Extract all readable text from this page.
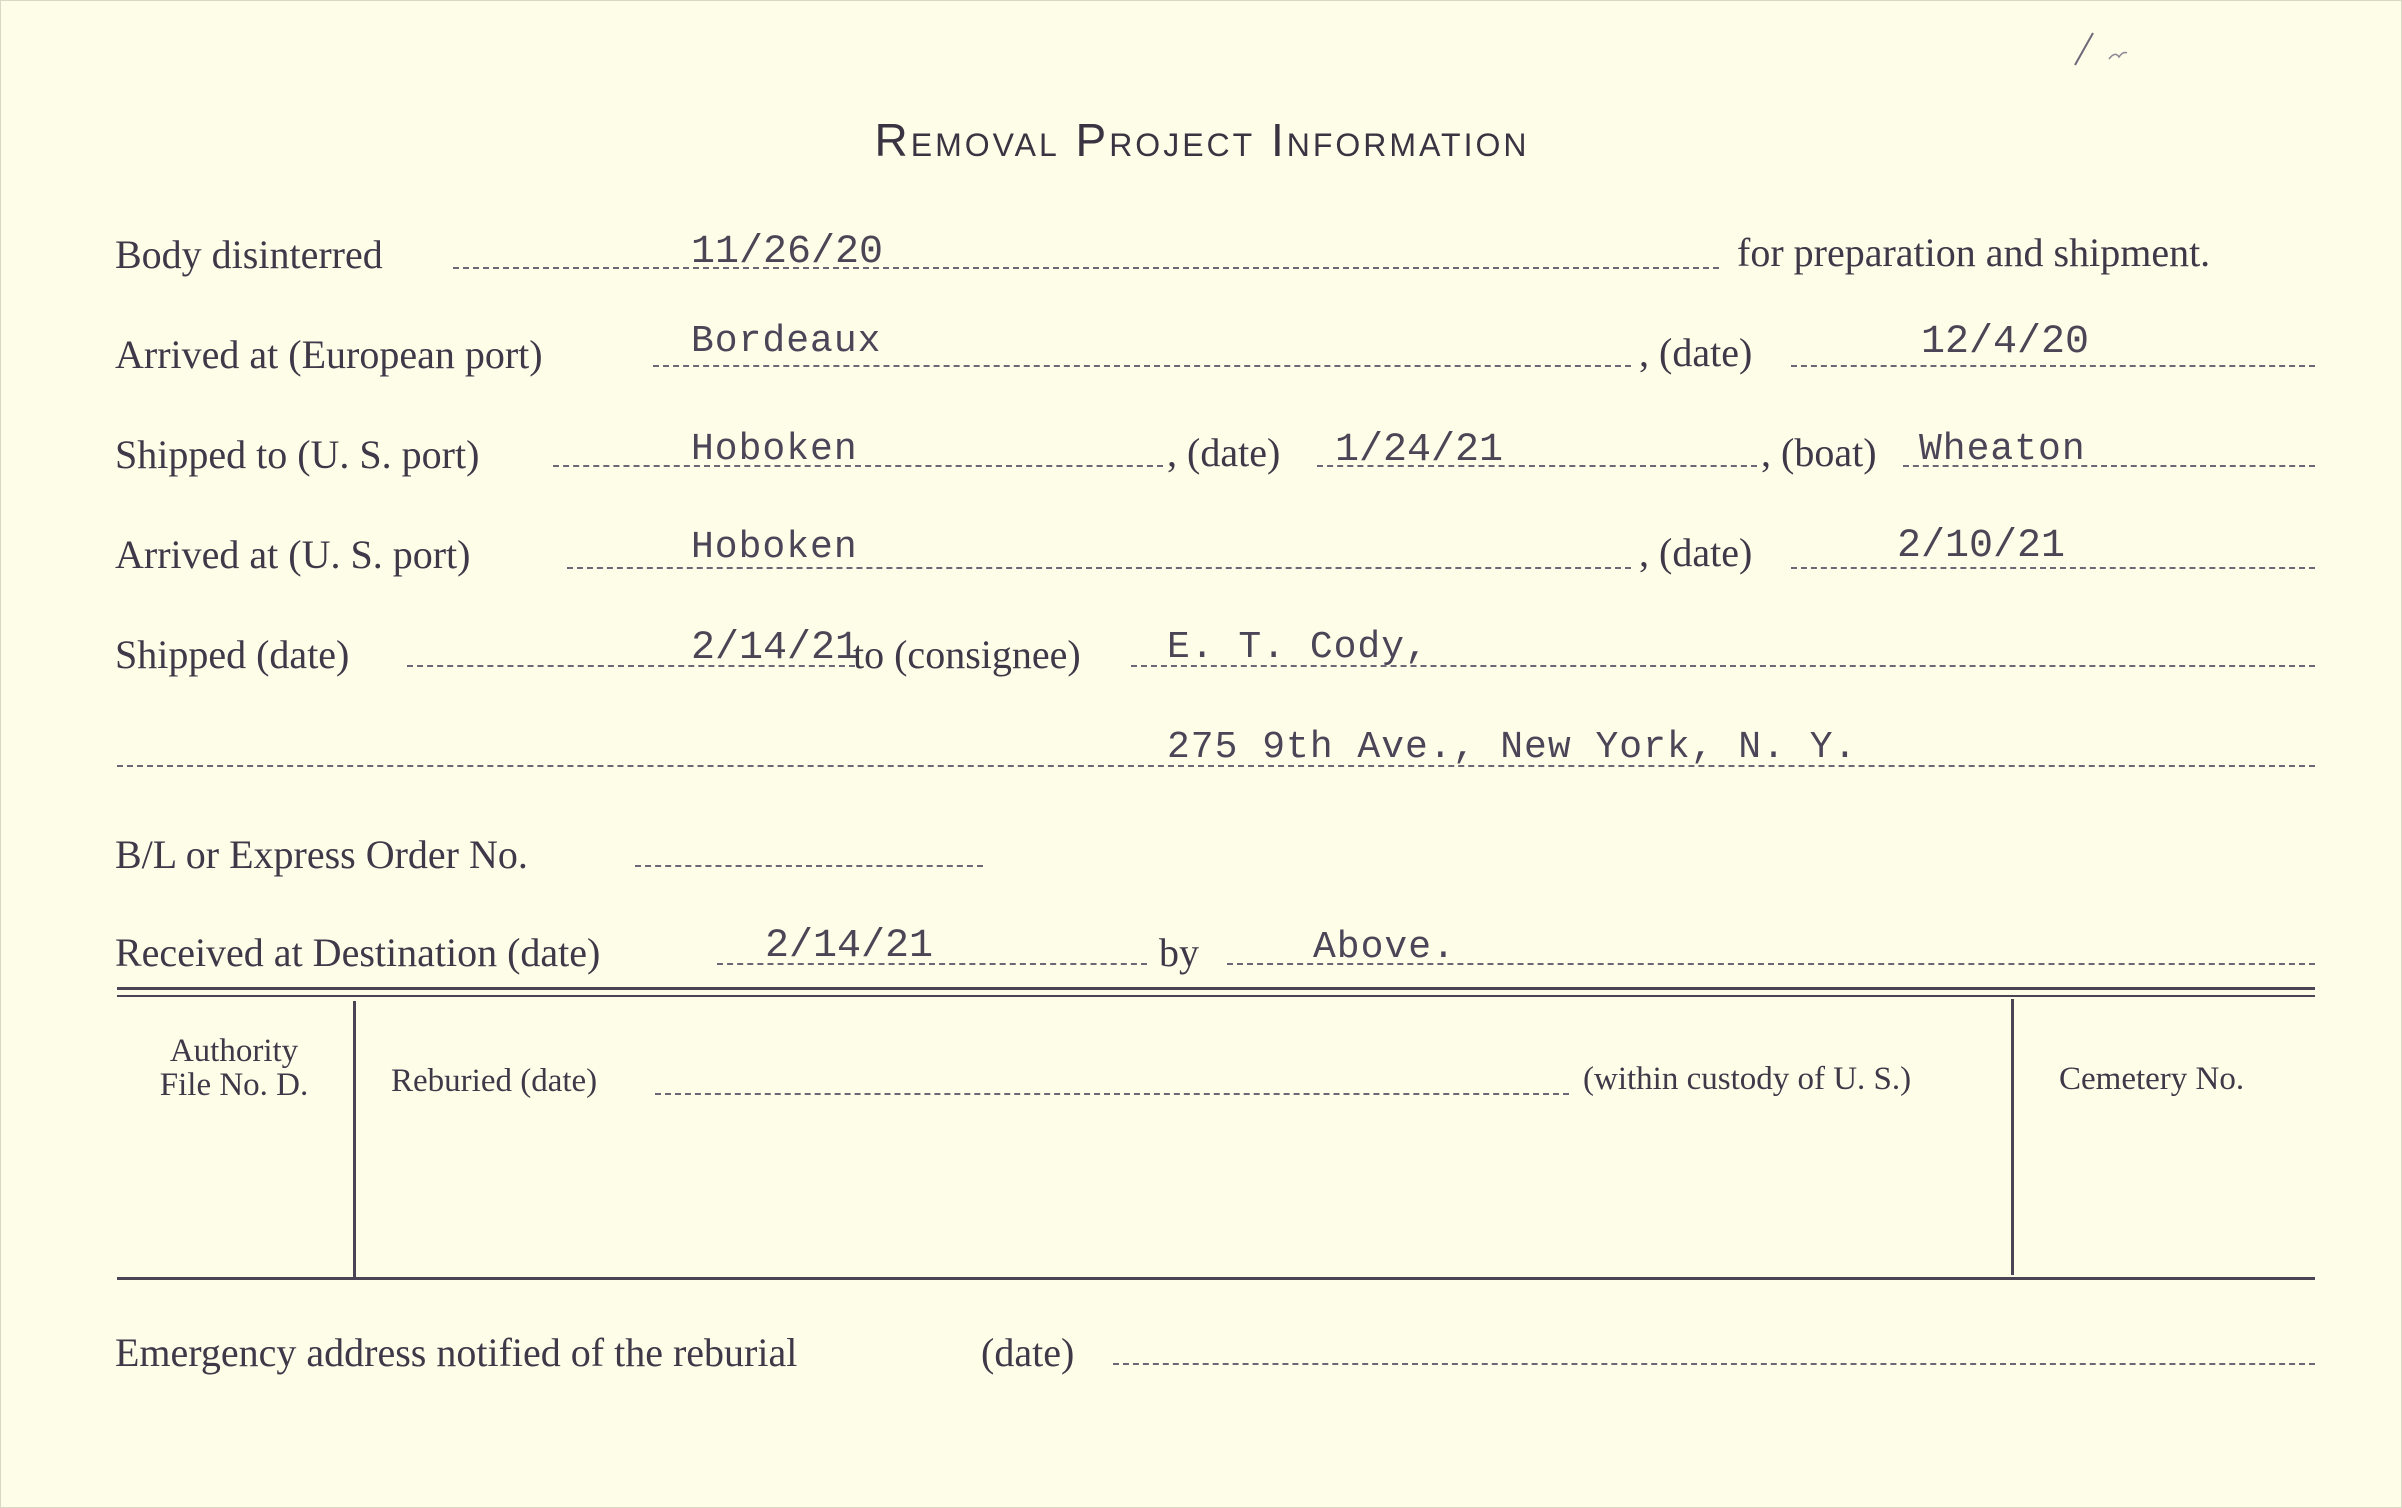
Removal Project Information
Body disinterred	11/26/20	for preparation and shipment.
Arrived at (European port)	Bordeaux	, (date)	12/4/20
Shipped to (U. S. port)	Hoboken	, (date) 1/24/21	, (boat) Wheaton
Arrived at (U. S. port)	Hoboken	, (date)	2/10/21
Shipped (date)	2/14/21
to (consignee) E. T. Cody,
275 9th Ave., New York, N. Y.
B/L or Express Order No.
Received at Destination (date)	2/14/21	by	Above.
Authority
File No. D.	Reburied (date)	(within custody of U. S.)	Cemetery No.
Emergency address notified of the reburial	(date)
